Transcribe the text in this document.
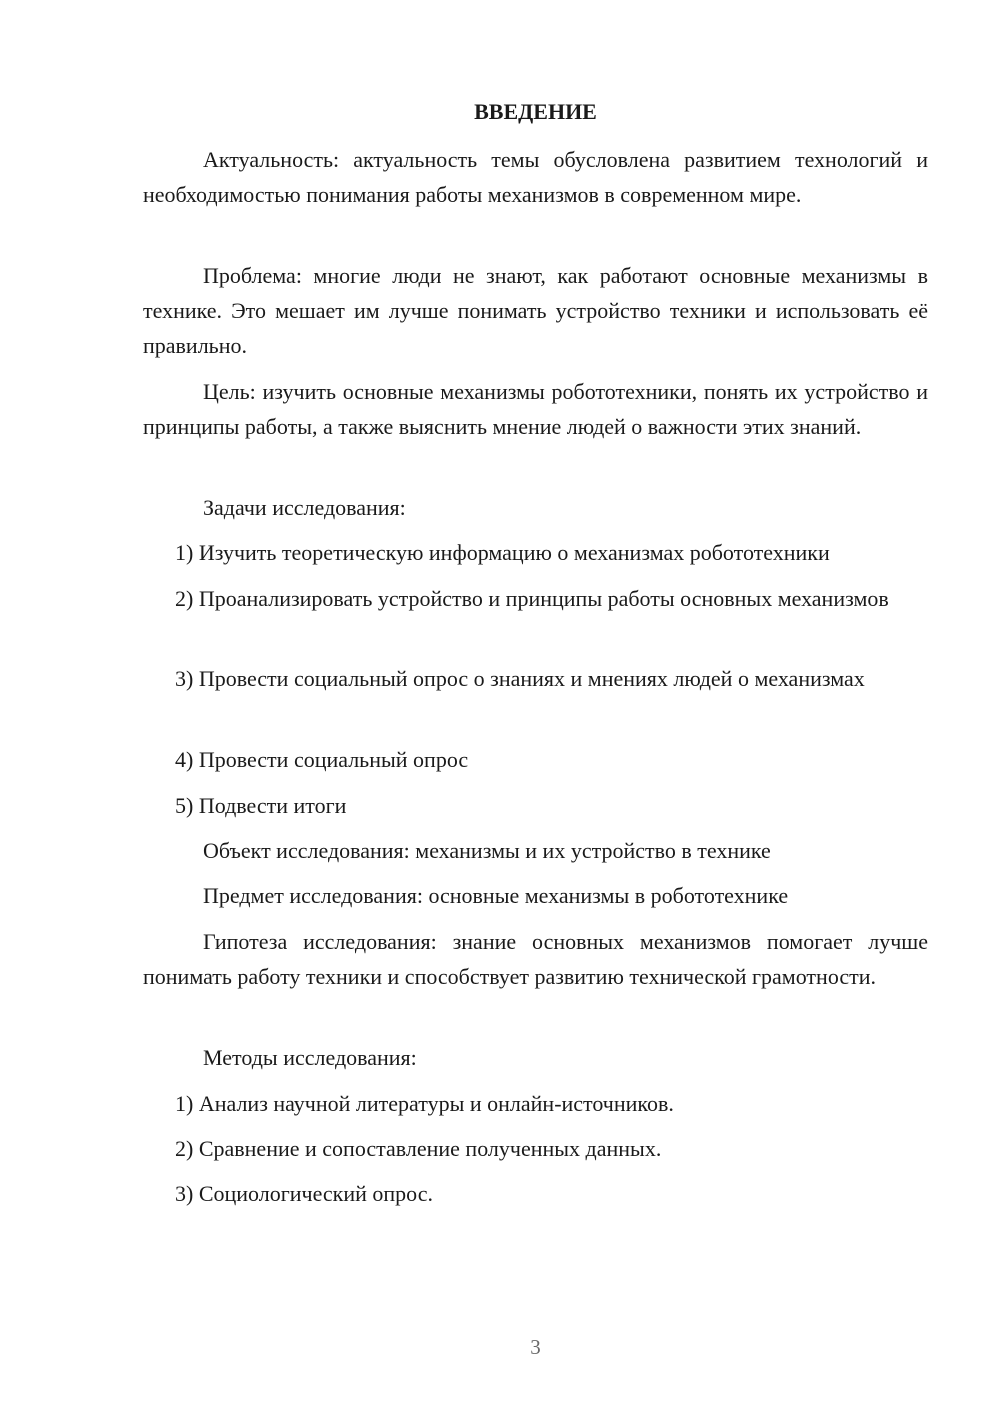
ВВЕДЕНИЕ
Актуальность: актуальность темы обусловлена развитием технологий и необходимостью понимания работы механизмов в современном мире.
Проблема: многие люди не знают, как работают основные механизмы в технике. Это мешает им лучше понимать устройство техники и использовать её правильно.
Цель: изучить основные механизмы робототехники, понять их устройство и принципы работы, а также выяснить мнение людей о важности этих знаний.
Задачи исследования:
1) Изучить теоретическую информацию о механизмах робототехники
2) Проанализировать устройство и принципы работы основных механизмов
3) Провести социальный опрос о знаниях и мнениях людей о механизмах
4) Провести социальный опрос
5) Подвести итоги
Объект исследования: механизмы и их устройство в технике
Предмет исследования: основные механизмы в робототехнике
Гипотеза исследования: знание основных механизмов помогает лучше понимать работу техники и способствует развитию технической грамотности.
Методы исследования:
1) Анализ научной литературы и онлайн-источников.
2) Сравнение и сопоставление полученных данных.
3) Социологический опрос.
3
